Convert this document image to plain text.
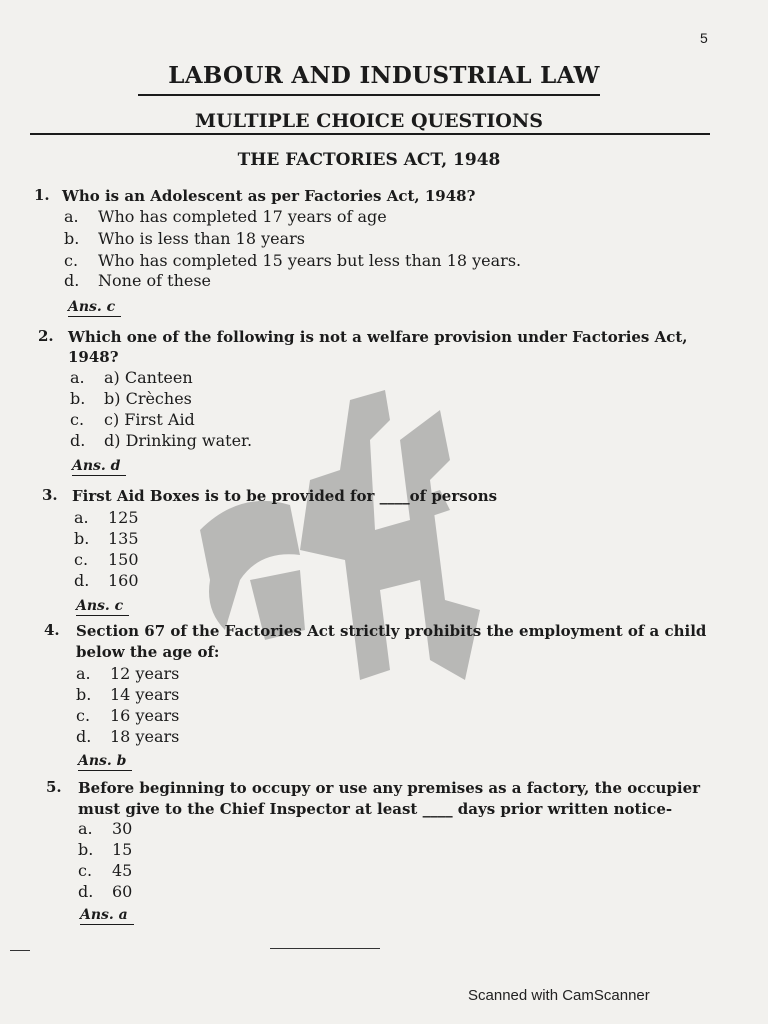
5
LABOUR AND INDUSTRIAL LAW
MULTIPLE CHOICE QUESTIONS
THE FACTORIES ACT, 1948
1. Who is an Adolescent as per Factories Act, 1948?
a. Who has completed 17 years of age
b. Who is less than 18 years
c. Who has completed 15 years but less than 18 years.
d. None of these
Ans. c
2. Which one of the following is not a welfare provision under Factories Act,
1948?
a. a) Canteen
b. b) Crèches
c. c) First Aid
d. d) Drinking water.
Ans. d
3. First Aid Boxes is to be provided for ____of persons
a. 125
b. 135
c. 150
d. 160
Ans. c
4. Section 67 of the Factories Act strictly prohibits the employment of a child
below the age of:
a. 12 years
b. 14 years
c. 16 years
d. 18 years
Ans. b
5. Before beginning to occupy or use any premises as a factory, the occupier
must give to the Chief Inspector at least ____ days prior written notice-
a. 30
b. 15
c. 45
d. 60
Ans. a
Scanned with CamScanner
